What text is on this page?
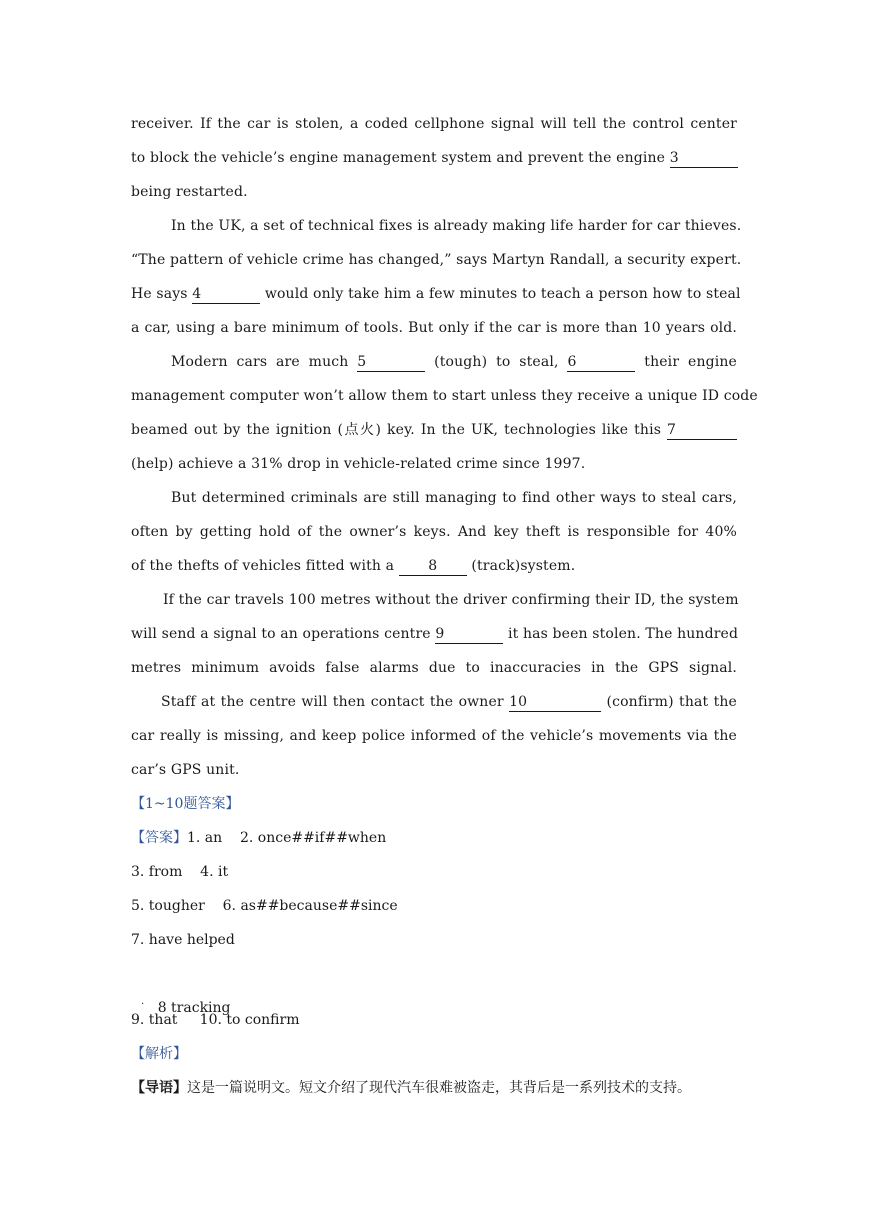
receiver. If the car is stolen, a coded cellphone signal will tell the control center
to block the vehicle’s engine management system and prevent the engine 3
being restarted.
In the UK, a set of technical fixes is already making life harder for car thieves.
“The pattern of vehicle crime has changed,” says Martyn Randall, a security expert.
He says 4	would only take him a few minutes to teach a person how to steal
a car, using a bare minimum of tools. But only if the car is more than 10 years old.
Modern cars are much 5	(tough) to steal, 6	their engine
management computer won’t allow them to start unless they receive a unique ID code
beamed out by the ignition (点火) key. In the UK, technologies like this 7
(help) achieve a 31% drop in vehicle-related crime since 1997.
But determined criminals are still managing to find other ways to steal cars,
often by getting hold of the owner’s keys. And key theft is responsible for 40%
of the thefts of vehicles fitted with a 8 (track)system.
If the car travels 100 metres without the driver confirming their ID, the system
will send a signal to an operations centre 9	it has been stolen. The hundred
metres minimum avoids false alarms due to inaccuracies in the GPS signal.
Staff at the centre will then contact the owner 10	(confirm) that the
car really is missing, and keep police informed of the vehicle’s movements via the
car’s GPS unit.
【1~10题答案】
【答案】1. an    2. once##if##when
3. from    4. it
5. tougher    6. as##because##since
7. have helped

8 tracking

.

9. that     10. to confirm
【解析】
【导语】这是一篇说明文。短文介绍了现代汽车很难被盗走，其背后是一系列技术的支持。
